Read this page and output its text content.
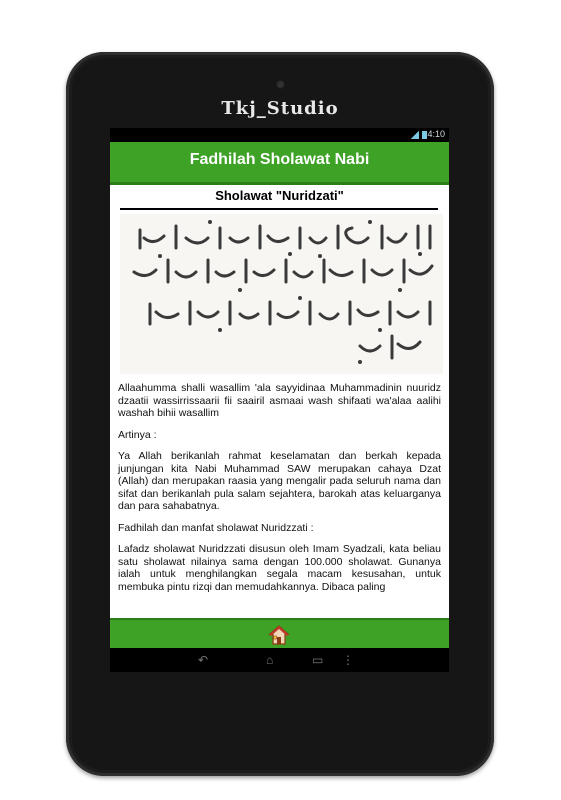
Tkj_Studio
4:10
Fadhilah Sholawat Nabi
Sholawat "Nuridzati"

Allaahumma shalli wasallim 'ala sayyidinaa Muhammadinin nuuridz dzaatii wassirrissaarii fii saairil asmaai wash shifaati wa'alaa aalihi washah bihii wasallim

Artinya :

Ya Allah berikanlah rahmat keselamatan dan berkah kepada junjungan kita Nabi Muhammad SAW merupakan cahaya Dzat (Allah) dan merupakan raasia yang mengalir pada seluruh nama dan sifat dan berikanlah pula salam sejahtera, barokah atas keluarganya dan para sahabatnya.

Fadhilah dan manfat sholawat Nuridzzati :

Lafadz sholawat Nuridzzati disusun oleh Imam Syadzali, kata beliau satu sholawat nilainya sama dengan 100.000 sholawat. Gunanya ialah untuk menghilangkan segala macam kesusahan, untuk membuka pintu rizqi dan memudahkannya. Dibaca paling

↶	⌂	▭ ⋮
